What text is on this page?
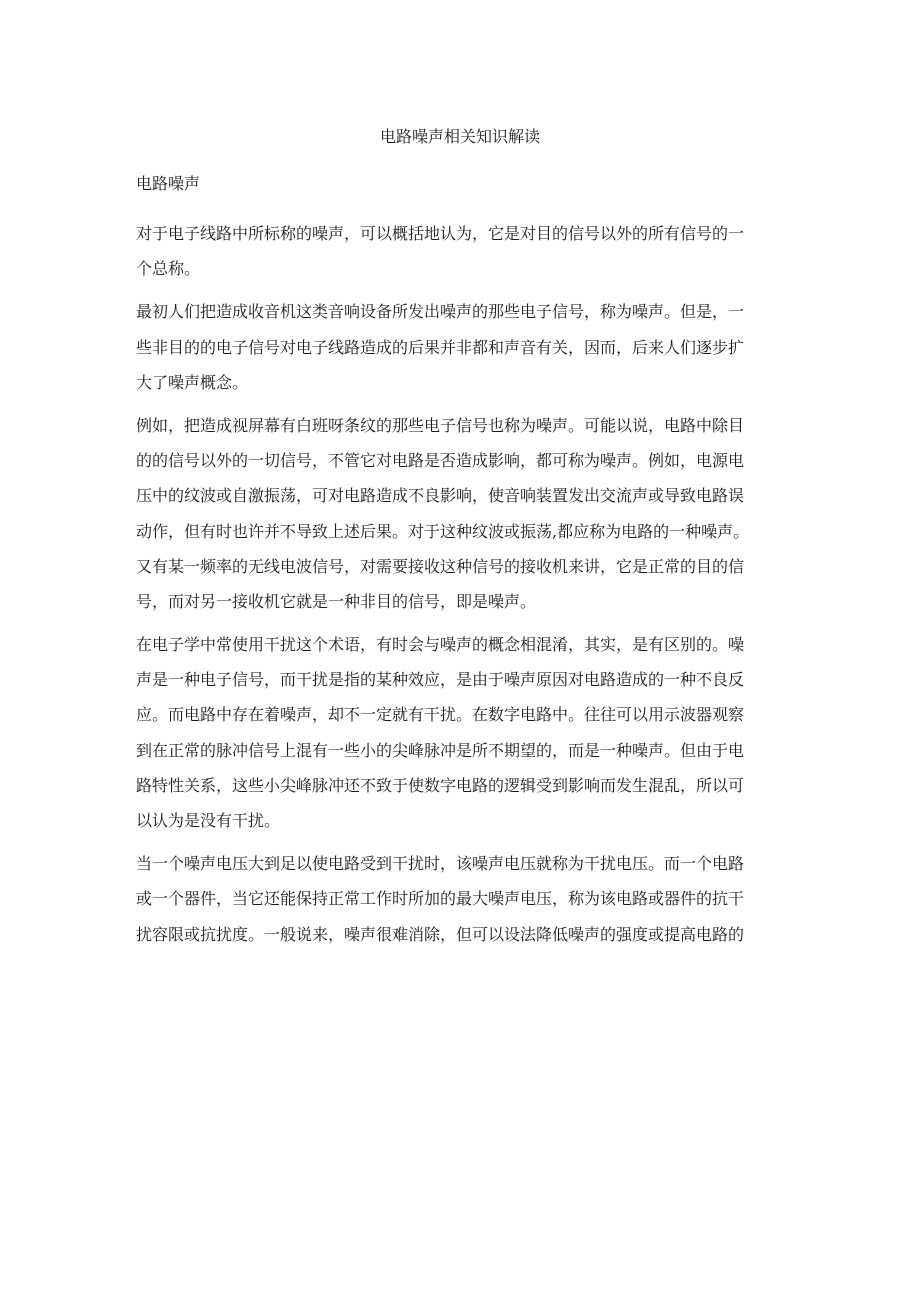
电路噪声相关知识解读
电路噪声

对于电子线路中所标称的噪声，可以概括地认为，它是对目的信号以外的所有信号的一
个总称。

最初人们把造成收音机这类音响设备所发出噪声的那些电子信号，称为噪声。但是，一
些非目的的电子信号对电子线路造成的后果并非都和声音有关，因而，后来人们逐步扩
大了噪声概念。

例如，把造成视屏幕有白班呀条纹的那些电子信号也称为噪声。可能以说，电路中除目
的的信号以外的一切信号，不管它对电路是否造成影响，都可称为噪声。例如，电源电
压中的纹波或自激振荡，可对电路造成不良影响，使音响装置发出交流声或导致电路误
动作，但有时也许并不导致上述后果。对于这种纹波或振荡,都应称为电路的一种噪声。
又有某一频率的无线电波信号，对需要接收这种信号的接收机来讲，它是正常的目的信
号，而对另一接收机它就是一种非目的信号，即是噪声。

在电子学中常使用干扰这个术语，有时会与噪声的概念相混淆，其实，是有区别的。噪
声是一种电子信号，而干扰是指的某种效应，是由于噪声原因对电路造成的一种不良反
应。而电路中存在着噪声，却不一定就有干扰。在数字电路中。往往可以用示波器观察
到在正常的脉冲信号上混有一些小的尖峰脉冲是所不期望的，而是一种噪声。但由于电
路特性关系，这些小尖峰脉冲还不致于使数字电路的逻辑受到影响而发生混乱，所以可
以认为是没有干扰。

当一个噪声电压大到足以使电路受到干扰时，该噪声电压就称为干扰电压。而一个电路
或一个器件，当它还能保持正常工作时所加的最大噪声电压，称为该电路或器件的抗干
扰容限或抗扰度。一般说来，噪声很难消除，但可以设法降低噪声的强度或提高电路的
